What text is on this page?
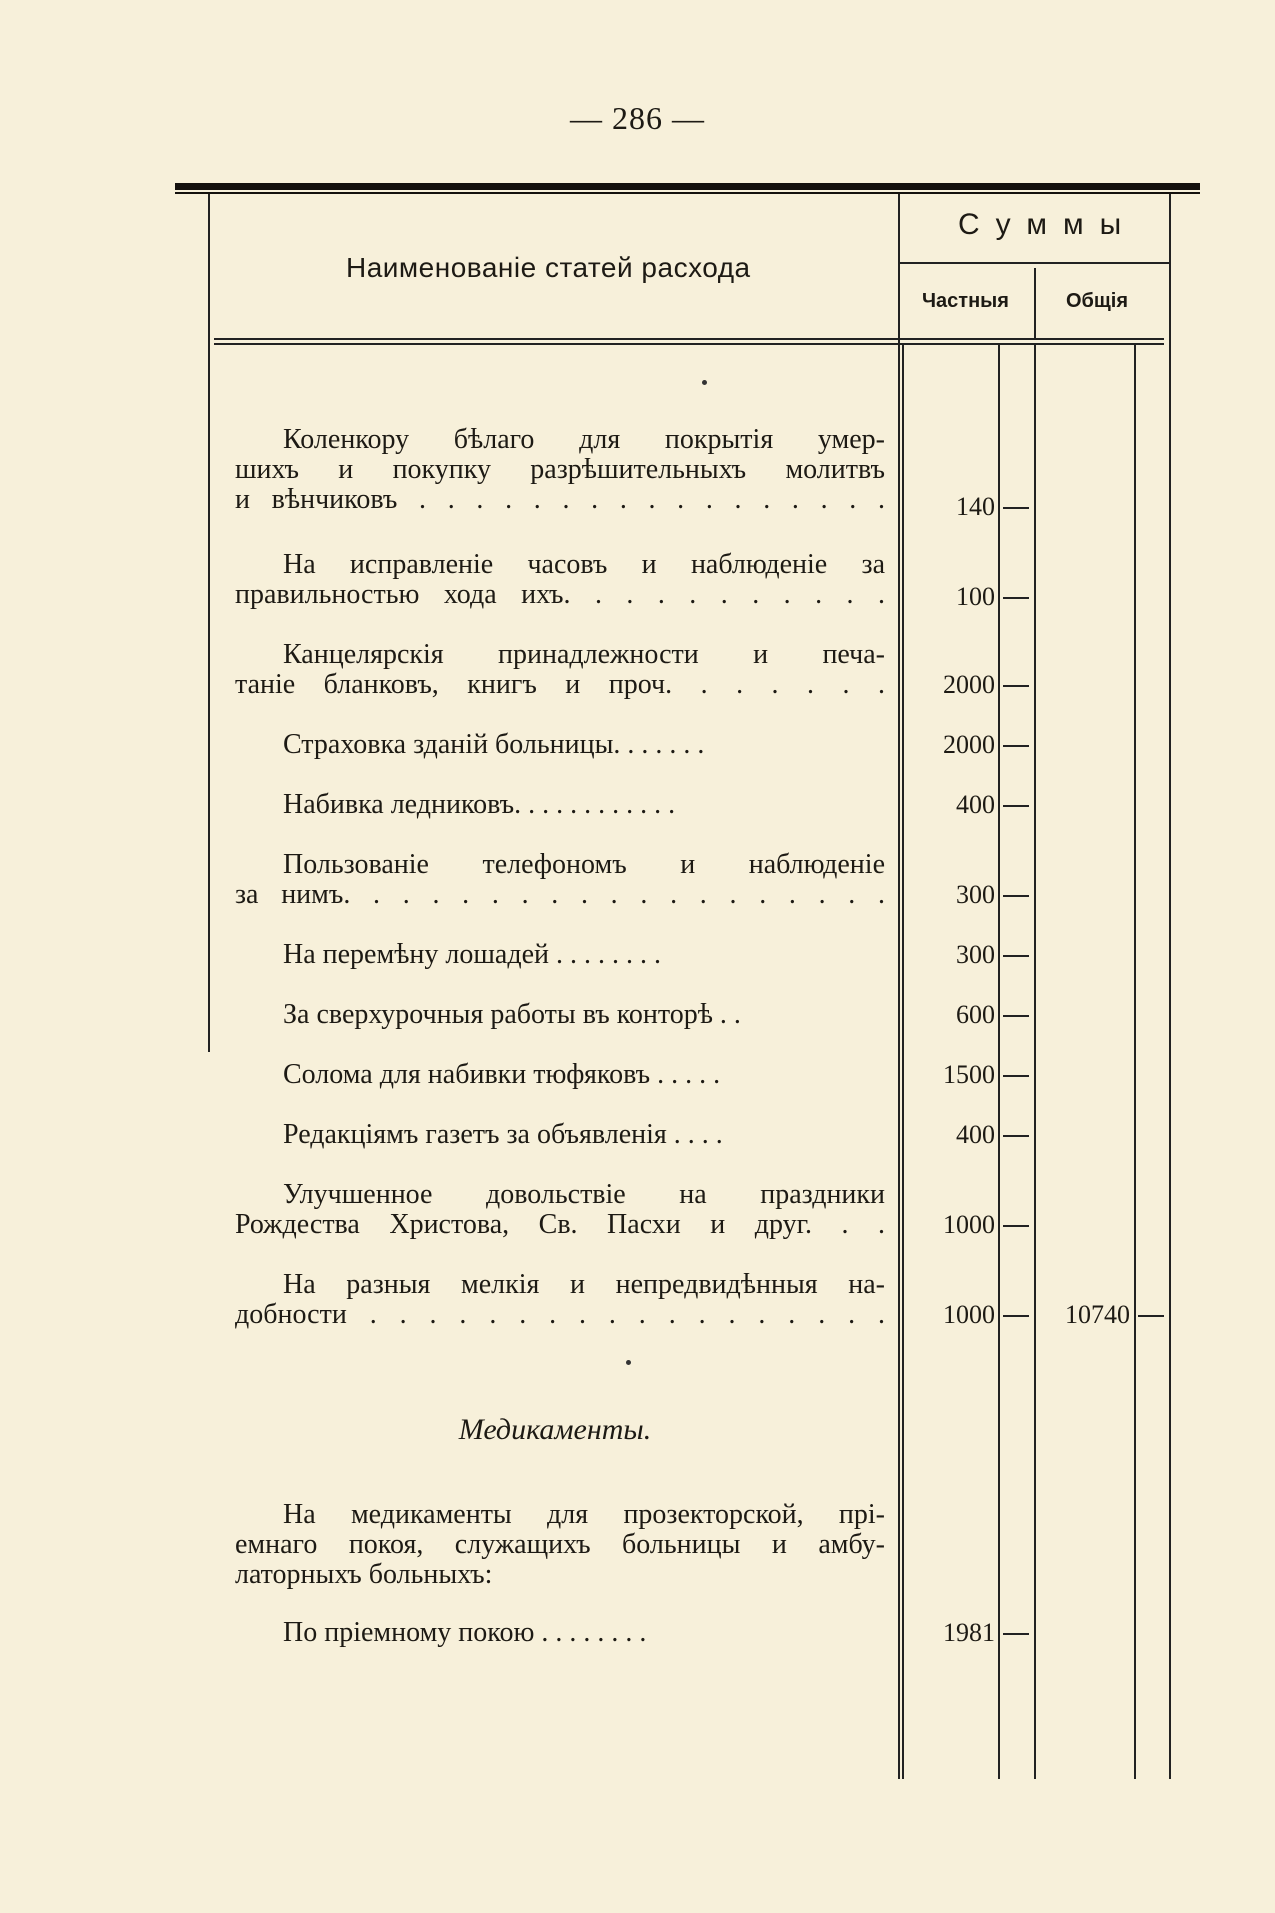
— 286 —
Наименованіе статей расхода
Суммы
Частныя	Общія
Коленкору бѣлаго для покрытія умер-
шихъ и покупку разрѣшительныхъ молитвъ
и вѣнчиковъ . . . . . . . . . . . . . . . . .	140
На исправленіе часовъ и наблюденіе за
правильностью хода ихъ. . . . . . . . . . .	100
Канцелярскія принадлежности и печа-
таніе бланковъ, книгъ и проч. . . . . . .	2000
Страховка зданій больницы. . . . . . .	2000
Набивка ледниковъ. . . . . . . . . . . .	400
Пользованіе телефономъ и наблюденіе
за нимъ. . . . . . . . . . . . . . . . . . .	300
На перемѣну лошадей . . . . . . . .	300
За сверхурочныя работы въ конторѣ . .	600
Солома для набивки тюфяковъ . . . . .	1500
Редакціямъ газетъ за объявленія . . . .	400
Улучшенное довольствіе на праздники
Рождества Христова, Св. Пасхи и друг. . .	1000
На разныя мелкія и непредвидѣнныя на-
добности . . . . . . . . . . . . . . . . . .	1000	10740
Медикаменты.
На медикаменты для прозекторской, прі-
емнаго покоя, служащихъ больницы и амбу-
латорныхъ больныхъ:
По пріемному покою . . . . . . . .	1981
